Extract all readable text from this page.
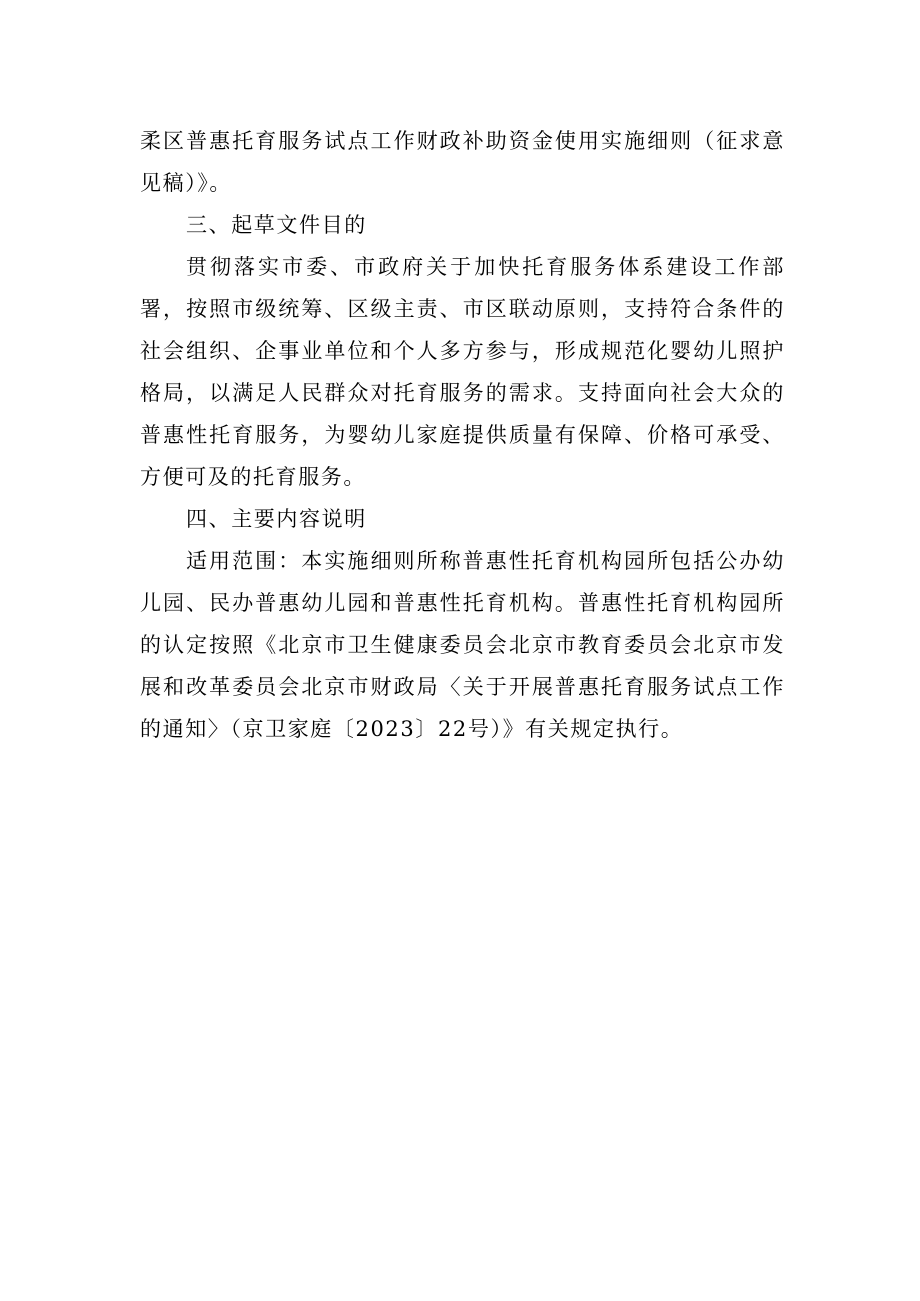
柔区普惠托育服务试点工作财政补助资金使用实施细则（征求意见稿）》。

三、起草文件目的

贯彻落实市委、市政府关于加快托育服务体系建设工作部署，按照市级统筹、区级主责、市区联动原则，支持符合条件的社会组织、企事业单位和个人多方参与，形成规范化婴幼儿照护格局，以满足人民群众对托育服务的需求。支持面向社会大众的普惠性托育服务，为婴幼儿家庭提供质量有保障、价格可承受、方便可及的托育服务。

四、主要内容说明

适用范围：本实施细则所称普惠性托育机构园所包括公办幼儿园、民办普惠幼儿园和普惠性托育机构。普惠性托育机构园所的认定按照《北京市卫生健康委员会北京市教育委员会北京市发展和改革委员会北京市财政局〈关于开展普惠托育服务试点工作的通知〉（京卫家庭〔2023〕22号）》有关规定执行。
